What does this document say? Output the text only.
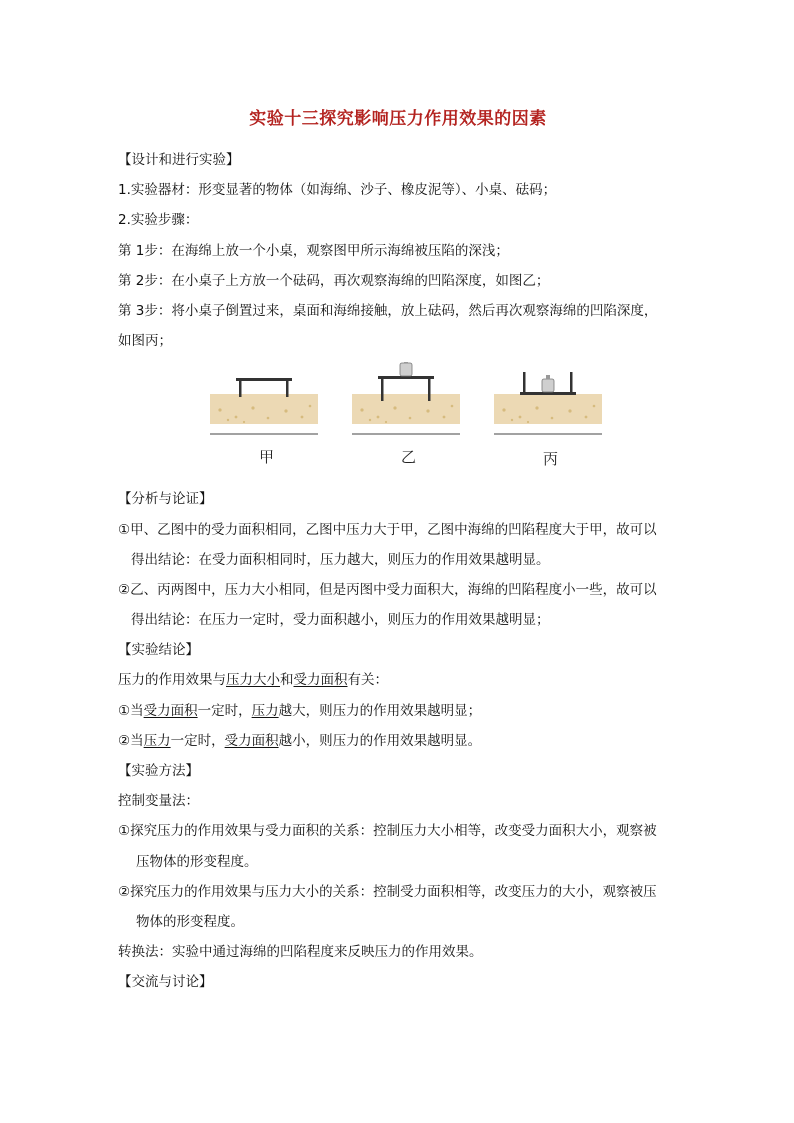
实验十三探究影响压力作用效果的因素
【设计和进行实验】
1.实验器材：形变显著的物体（如海绵、沙子、橡皮泥等）、小桌、砝码；
2.实验步骤：
第 1步：在海绵上放一个小桌，观察图甲所示海绵被压陷的深浅；
第 2步：在小桌子上方放一个砝码，再次观察海绵的凹陷深度，如图乙；
第 3步：将小桌子倒置过来，桌面和海绵接触，放上砝码，然后再次观察海绵的凹陷深度，
如图丙；
甲	乙	丙
【分析与论证】
①甲、乙图中的受力面积相同，乙图中压力大于甲，乙图中海绵的凹陷程度大于甲，故可以
得出结论：在受力面积相同时，压力越大，则压力的作用效果越明显。
②乙、丙两图中，压力大小相同，但是丙图中受力面积大，海绵的凹陷程度小一些，故可以
得出结论：在压力一定时，受力面积越小，则压力的作用效果越明显；
【实验结论】
压力的作用效果与压力大小和受力面积有关：
①当受力面积一定时，压力越大，则压力的作用效果越明显；
②当压力一定时，受力面积越小，则压力的作用效果越明显。
【实验方法】
控制变量法：
①探究压力的作用效果与受力面积的关系：控制压力大小相等，改变受力面积大小，观察被
压物体的形变程度。
②探究压力的作用效果与压力大小的关系：控制受力面积相等，改变压力的大小，观察被压
物体的形变程度。
转换法：实验中通过海绵的凹陷程度来反映压力的作用效果。
【交流与讨论】
